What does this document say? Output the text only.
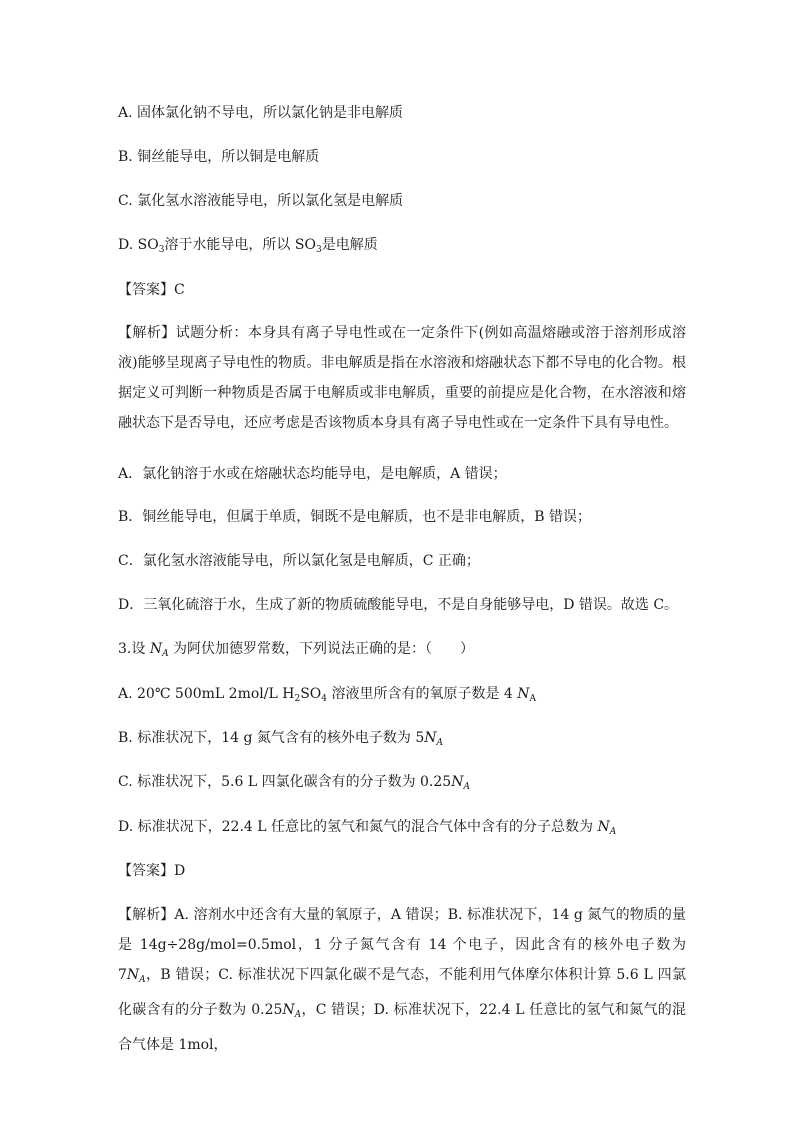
A. 固体氯化钠不导电，所以氯化钠是非电解质
B. 铜丝能导电，所以铜是电解质
C. 氯化氢水溶液能导电，所以氯化氢是电解质
D. $SO_3$溶于水能导电，所以 $SO_3$是电解质
【答案】C
【解析】试题分析：本身具有离子导电性或在一定条件下(例如高温熔融或溶于溶剂形成溶液)能够呈现离子导电性的物质。非电解质是指在水溶液和熔融状态下都不导电的化合物。根据定义可判断一种物质是否属于电解质或非电解质，重要的前提应是化合物，在水溶液和熔融状态下是否导电，还应考虑是否该物质本身具有离子导电性或在一定条件下具有导电性。
A．氯化钠溶于水或在熔融状态均能导电，是电解质，A 错误；
B．铜丝能导电，但属于单质，铜既不是电解质，也不是非电解质，B 错误；
C．氯化氢水溶液能导电，所以氯化氢是电解质，C 正确；
D．三氧化硫溶于水，生成了新的物质硫酸能导电，不是自身能够导电，D 错误。故选 C。
3.设 $N_A$ 为阿伏加德罗常数，下列说法正确的是：（　　）
A. 20℃ 500mL 2mol/L $H_2SO_4$ 溶液里所含有的氧原子数是 4 $N_A$
B. 标准状况下，14 g 氮气含有的核外电子数为 $5N_A$
C. 标准状况下，5.6 L 四氯化碳含有的分子数为 $0.25N_A$
D. 标准状况下，22.4 L 任意比的氢气和氮气的混合气体中含有的分子总数为 $N_A$
【答案】D
【解析】A. 溶剂水中还含有大量的氧原子，A 错误；B. 标准状况下，14 g 氮气的物质的量是 14g÷28g/mol=0.5mol，1 分子氮气含有 14 个电子，因此含有的核外电子数为 $7N_A$，B 错误；C. 标准状况下四氯化碳不是气态，不能利用气体摩尔体积计算 5.6 L 四氯化碳含有的分子数为 $0.25N_A$，C 错误；D. 标准状况下，22.4 L 任意比的氢气和氮气的混合气体是 1mol，
